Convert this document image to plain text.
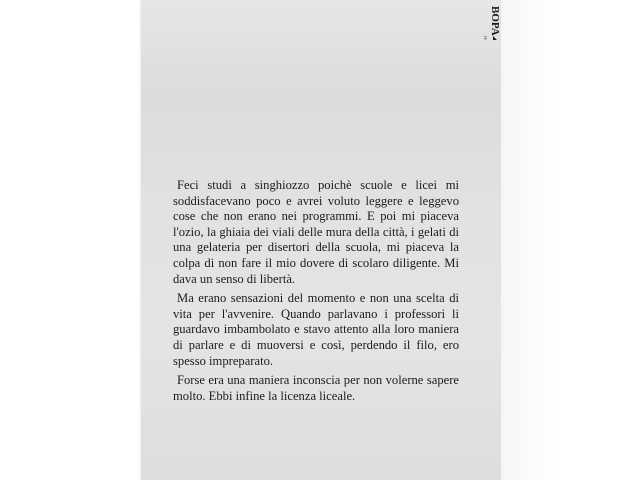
BOPA
re

Feci studi a singhiozzo poichè scuole e licei mi soddisfacevano poco e avrei voluto leggere e leggevo cose che non erano nei programmi. E poi mi piaceva l'ozio, la ghiaia dei viali delle mura della città, i gelati di una gelateria per disertori della scuola, mi piaceva la colpa di non fare il mio dovere di scolaro diligente. Mi dava un senso di libertà.

Ma erano sensazioni del momento e non una scelta di vita per l'avvenire. Quando parlavano i professori li guardavo imbambolato e stavo attento alla loro maniera di parlare e di muoversi e così, perdendo il filo, ero spesso impreparato.

Forse era una maniera inconscia per non volerne sapere molto. Ebbi infine la licenza liceale.
